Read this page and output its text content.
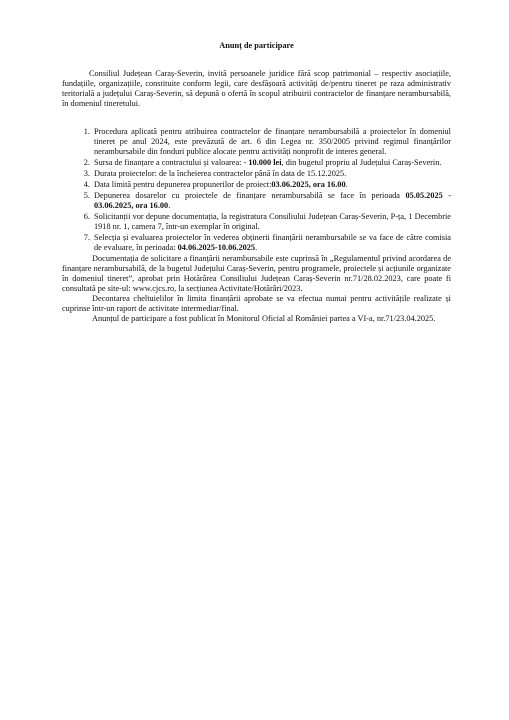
Anunț de participare

Consiliul Județean Caraș-Severin, invită persoanele juridice fără scop patrimonial – respectiv asociațiile, fundațiile, organizațiile, constituite conform legii, care desfășoară activități de/pentru tineret pe raza administrativ teritorială a județului Caraș-Severin, să depună o ofertă în scopul atribuirii contractelor de finanțare nerambursabilă, în domeniul tineretului.

1. Procedura aplicată pentru atribuirea contractelor de finanțare nerambursabilă a proiectelor în domeniul tineret pe anul 2024, este prevăzută de art. 6 din Legea nr. 350/2005 privind regimul finanțărilor nerambursabile din fonduri publice alocate pentru activități nonprofit de interes general.
2. Sursa de finanțare a contractului și valoarea: - 10.000 lei, din bugetul propriu al Județului Caraș-Severin.
3. Durata proiectelor: de la încheierea contractelor până în data de 15.12.2025.
4. Data limită pentru depunerea propunerilor de proiect:03.06.2025, ora 16.00.
5. Depunerea dosarelor cu proiectele de finanțare nerambursabilă se face în perioada 05.05.2025 - 03.06.2025, ora 16.00.
6. Solicitanții vor depune documentația, la registratura Consiliului Județean Caraș-Severin, P-ța, 1 Decembrie 1918 nr. 1, camera 7, într-un exemplar în original.
7. Selecția și evaluarea proiectelor în vederea obținerii finanțării nerambursabile se va face de către comisia de evaluare, în perioada: 04.06.2025-10.06.2025.

Documentația de solicitare a finanțării nerambursabile este cuprinsă în „Regulamentul privind acordarea de finanțare nerambursabilă, de la bugetul Județului Caraș-Severin, pentru programele, proiectele și acțiunile organizate în domeniul tineret”, aprobat prin Hotărârea Consiliului Județean Caraș-Severin nr.71/28.02.2023, care poate fi consultată pe site-ul: www.cjcs.ro, la secțiunea Activitate/Hotărâri/2023.

Decontarea cheltuielilor în limita finanțării aprobate se va efectua numai pentru activitățile realizate și cuprinse într-un raport de activitate intermediar/final.

Anunțul de participare a fost publicat în Monitorul Oficial al României partea a VI-a, nr.71/23.04.2025.
